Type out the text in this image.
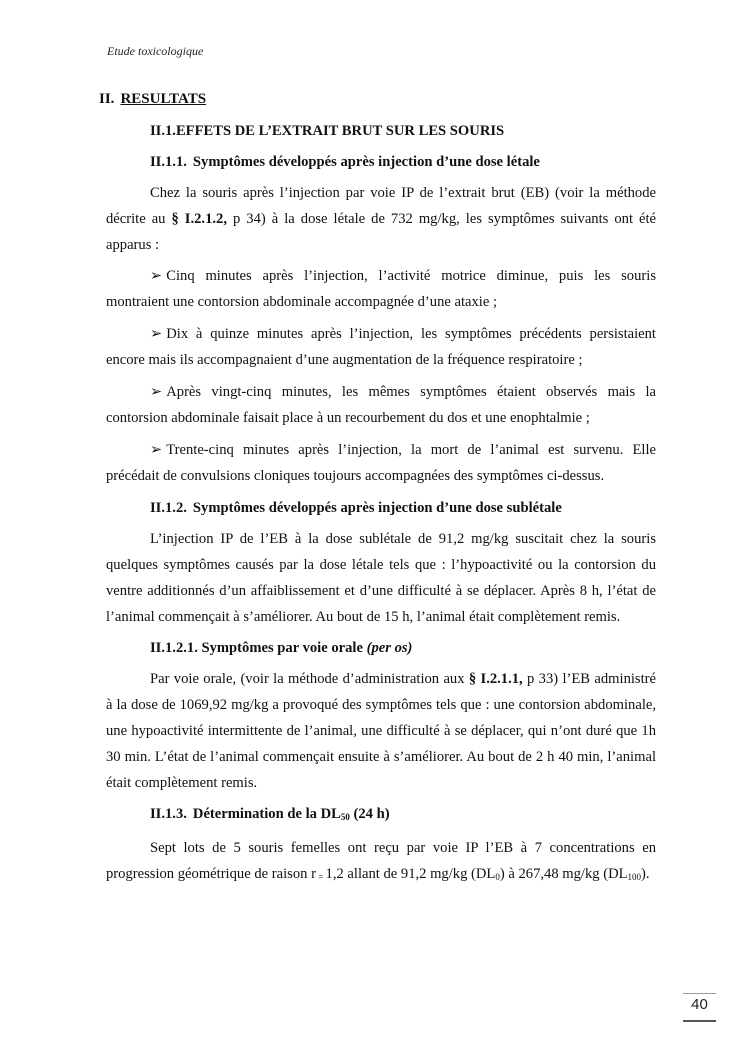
Etude toxicologique
II. RESULTATS
II.1.EFFETS DE L’EXTRAIT BRUT SUR LES SOURIS
II.1.1. Symptômes développés après injection d’une dose létale

Chez la souris après l’injection par voie IP de l’extrait brut (EB) (voir la méthode décrite au § I.2.1.2, p 34) à la dose létale de 732 mg/kg, les symptômes suivants ont été apparus :

➢ Cinq minutes après l’injection, l’activité motrice diminue, puis les souris montraient une contorsion abdominale accompagnée d’une ataxie ;

➢ Dix à quinze minutes après l’injection, les symptômes précédents persistaient encore mais ils accompagnaient d’une augmentation de la fréquence respiratoire ;

➢ Après vingt-cinq minutes, les mêmes symptômes étaient observés mais la contorsion abdominale faisait place à un recourbement du dos et une enophtalmie ;

➢ Trente-cinq minutes après l’injection, la mort de l’animal est survenu. Elle précédait de convulsions cloniques toujours accompagnées des symptômes ci-dessus.

II.1.2. Symptômes développés après injection d’une dose sublétale

L’injection IP de l’EB à la dose sublétale de 91,2 mg/kg suscitait chez la souris quelques symptômes causés par la dose létale tels que : l’hypoactivité ou la contorsion du ventre additionnés d’un affaiblissement et d’une difficulté à se déplacer. Après 8 h, l’état de l’animal commençait à s’améliorer. Au bout de 15 h, l’animal était complètement remis.

II.1.2.1. Symptômes par voie orale (per os)

Par voie orale, (voir la méthode d’administration aux § I.2.1.1, p 33) l’EB administré à la dose de 1069,92 mg/kg a provoqué des symptômes tels que : une contorsion abdominale, une hypoactivité intermittente de l’animal, une difficulté à se déplacer, qui n’ont duré que 1h 30 min. L’état de l’animal commençait ensuite à s’améliorer. Au bout de 2 h 40 min, l’animal était complètement remis.

II.1.3. Détermination de la $DL_{50}$ (24 h)

Sept lots de 5 souris femelles ont reçu par voie IP l’EB à 7 concentrations en progression géométrique de raison r $_=$ 1,2 allant de 91,2 mg/kg $(DL_0)$ à 267,48 mg/kg $(DL_{100})$.

40
